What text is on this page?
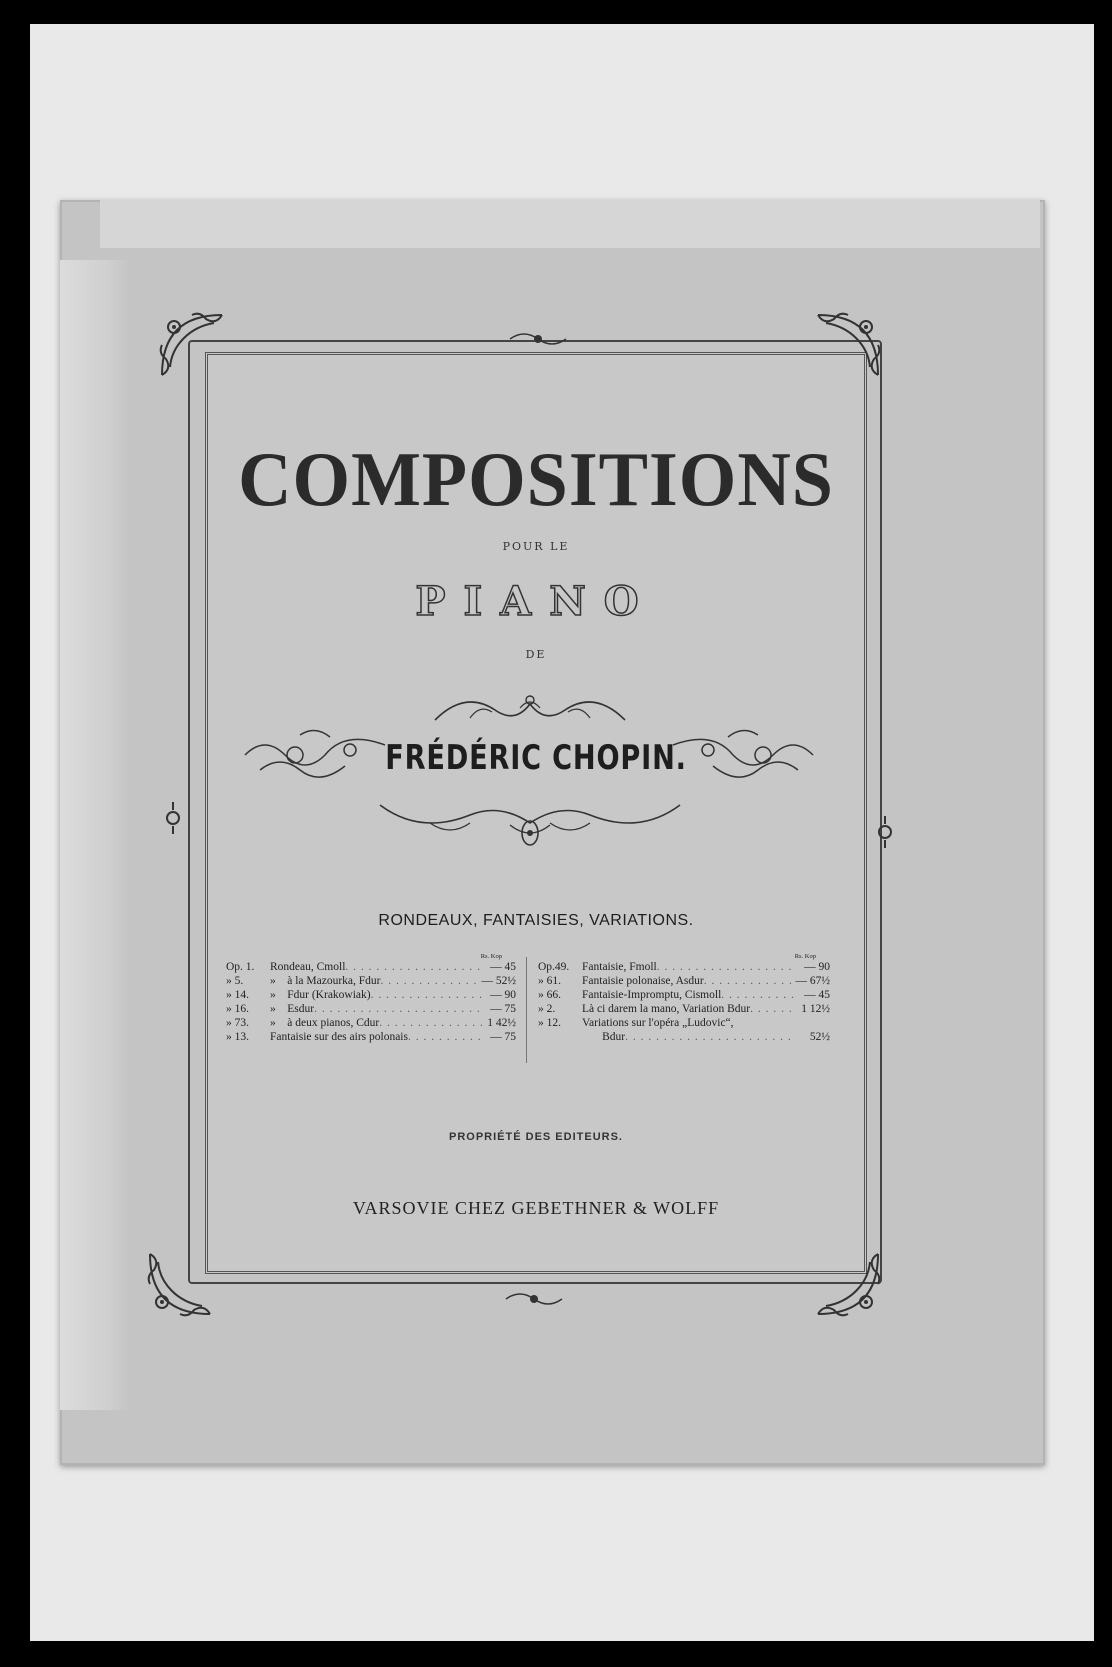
COMPOSITIONS
POUR LE
PIANO
DE
FRÉDÉRIC CHOPIN.
RONDEAUX, FANTAISIES, VARIATIONS.
Rs. Kop
Op. 1.	Rondeau, Cmoll . . .	— 45
» 5.	»    à la Mazourka, Fdur . . .	— 52½
» 14.	»    Fdur (Krakowiak) . . .	— 90
» 16.	»    Esdur . . .	— 75
» 73.	»    à deux pianos, Cdur . . .	1 42½
» 13.	Fantaisie sur des airs polonais . . .	— 75
Rs. Kop
Op.49.	Fantaisie, Fmoll . . .	— 90
» 61.	Fantaisie polonaise, Asdur . . .	— 67½
» 66.	Fantaisie-Impromptu, Cismoll . . .	— 45
» 2.	Là ci darem la mano, Variation Bdur . . .	1 12½
» 12.	Variations sur l'opéra „Ludovic“,
Bdur . . .	52½
PROPRIÉTÉ DES EDITEURS.
VARSOVIE CHEZ GEBETHNER & WOLFF
